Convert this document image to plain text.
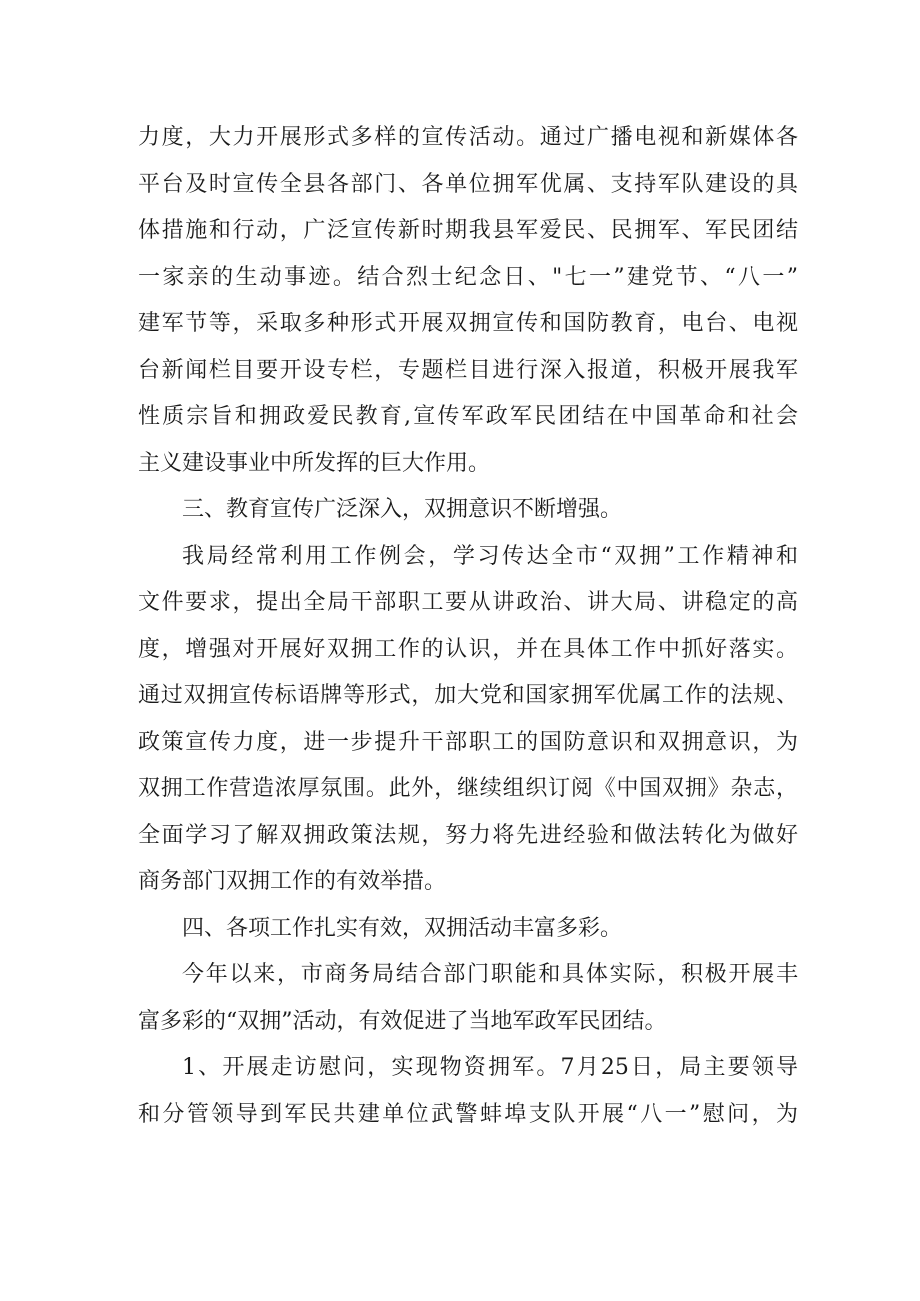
力度，大力开展形式多样的宣传活动。通过广播电视和新媒体各
平台及时宣传全县各部门、各单位拥军优属、支持军队建设的具
体措施和行动，广泛宣传新时期我县军爱民、民拥军、军民团结
一家亲的生动事迹。结合烈士纪念日、"七一”建党节、“八一”
建军节等，采取多种形式开展双拥宣传和国防教育，电台、电视
台新闻栏目要开设专栏，专题栏目进行深入报道，积极开展我军
性质宗旨和拥政爱民教育,宣传军政军民团结在中国革命和社会
主义建设事业中所发挥的巨大作用。
三、教育宣传广泛深入，双拥意识不断增强。
我局经常利用工作例会，学习传达全市“双拥”工作精神和
文件要求，提出全局干部职工要从讲政治、讲大局、讲稳定的高
度，增强对开展好双拥工作的认识，并在具体工作中抓好落实。
通过双拥宣传标语牌等形式，加大党和国家拥军优属工作的法规、
政策宣传力度，进一步提升干部职工的国防意识和双拥意识，为
双拥工作营造浓厚氛围。此外，继续组织订阅《中国双拥》杂志，
全面学习了解双拥政策法规，努力将先进经验和做法转化为做好
商务部门双拥工作的有效举措。
四、各项工作扎实有效，双拥活动丰富多彩。
今年以来，市商务局结合部门职能和具体实际，积极开展丰
富多彩的“双拥”活动，有效促进了当地军政军民团结。
1、开展走访慰问，实现物资拥军。7月25日，局主要领导
和分管领导到军民共建单位武警蚌埠支队开展“八一”慰问，为
